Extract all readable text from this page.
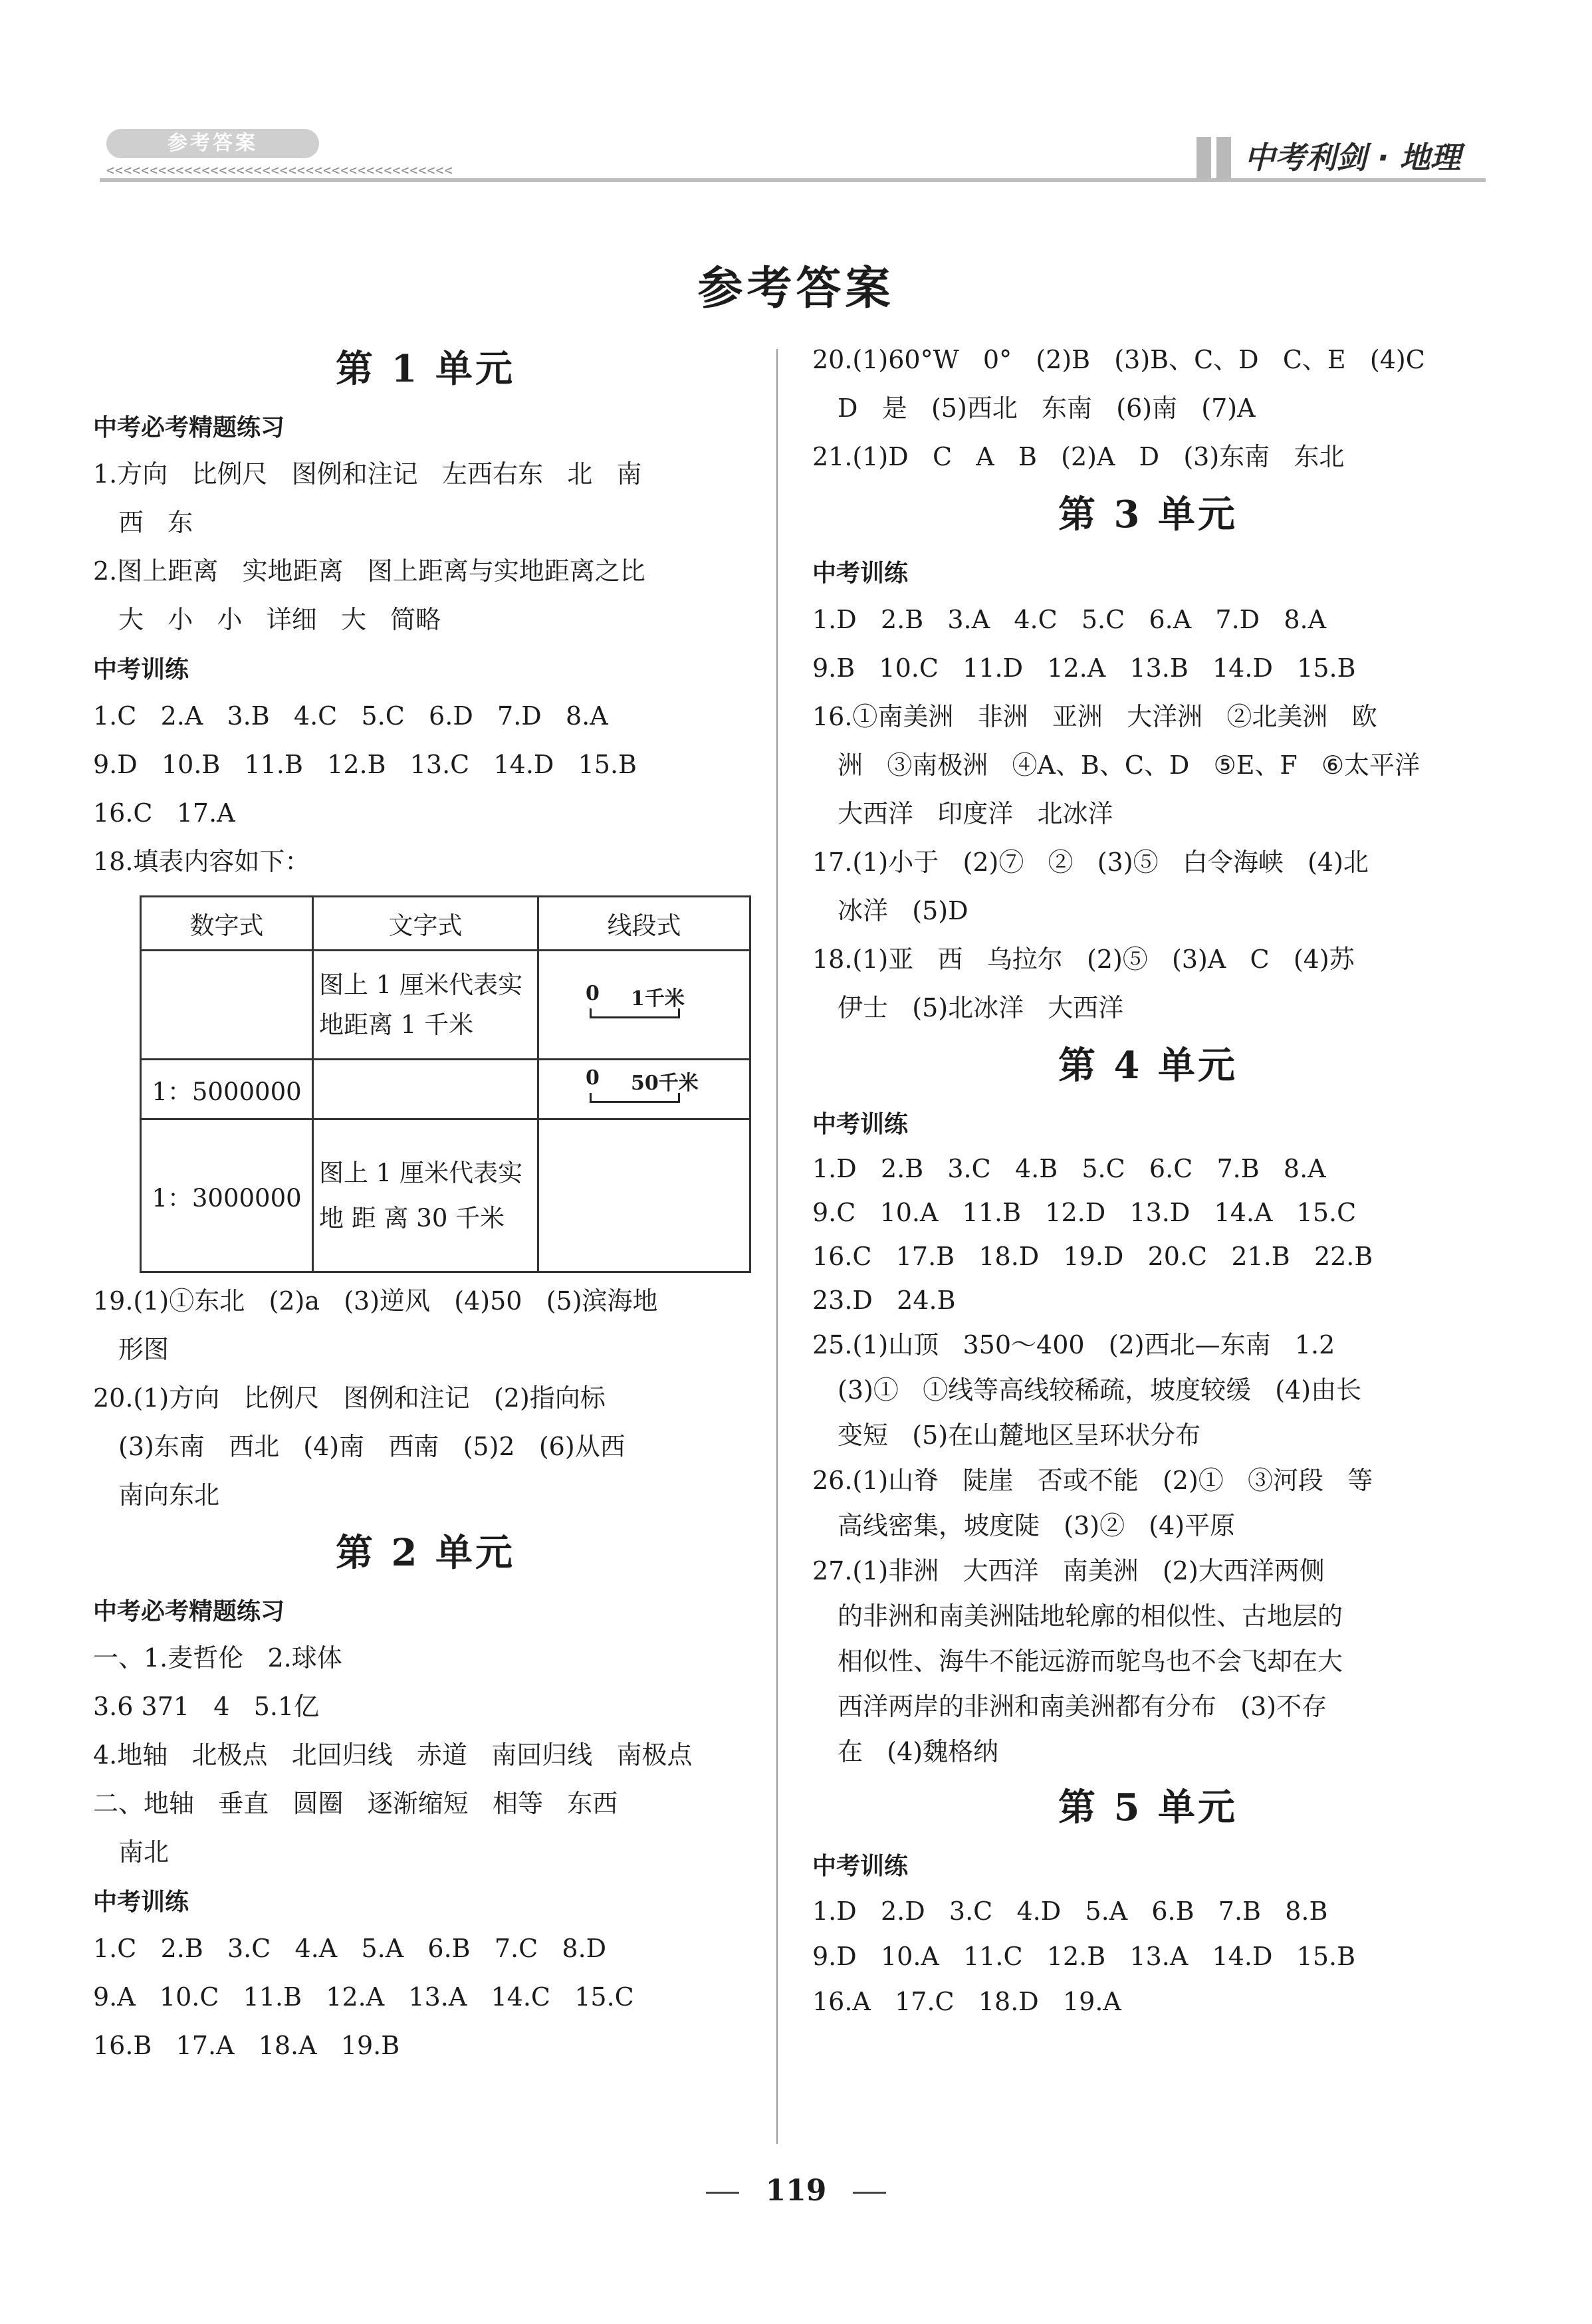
参考答案
<<<<<<<<<<<<<<<<<<<<<<<<<<<<<<<<<<<<<<<<	中考利剑 · 地理
参考答案
第 1 单元
中考必考精题练习
1.方向   比例尺   图例和注记   左西右东   北   南
西   东
2.图上距离   实地距离   图上距离与实地距离之比
大   小   小   详细   大   简略
中考训练
1.C   2.A   3.B   4.C   5.C   6.D   7.D   8.A
9.D   10.B   11.B   12.B   13.C   14.D   15.B
16.C   17.A
18.填表内容如下：
数字式	文字式	线段式
	图上 1 厘米代表实地距离 1 千米	0 1千米

1：5000000		0 50千米

1：3000000	图上 1 厘米代表实 地 距 离 30 千米	
19.(1)①东北   (2)a   (3)逆风   (4)50   (5)滨海地
形图
20.(1)方向   比例尺   图例和注记   (2)指向标
(3)东南   西北   (4)南   西南   (5)2   (6)从西
南向东北
第 2 单元
中考必考精题练习
一、1.麦哲伦   2.球体
3.6 371   4   5.1亿
4.地轴   北极点   北回归线   赤道   南回归线   南极点
二、地轴   垂直   圆圈   逐渐缩短   相等   东西
南北
中考训练
1.C   2.B   3.C   4.A   5.A   6.B   7.C   8.D
9.A   10.C   11.B   12.A   13.A   14.C   15.C
16.B   17.A   18.A   19.B
20.(1)60°W   0°   (2)B   (3)B、C、D   C、E   (4)C
D   是   (5)西北   东南   (6)南   (7)A
21.(1)D   C   A   B   (2)A   D   (3)东南   东北
第 3 单元
中考训练
1.D   2.B   3.A   4.C   5.C   6.A   7.D   8.A
9.B   10.C   11.D   12.A   13.B   14.D   15.B
16.①南美洲   非洲   亚洲   大洋洲   ②北美洲   欧
洲   ③南极洲   ④A、B、C、D   ⑤E、F   ⑥太平洋
大西洋   印度洋   北冰洋
17.(1)小于   (2)⑦   ②   (3)⑤   白令海峡   (4)北
冰洋   (5)D
18.(1)亚   西   乌拉尔   (2)⑤   (3)A   C   (4)苏
伊士   (5)北冰洋   大西洋
第 4 单元
中考训练
1.D   2.B   3.C   4.B   5.C   6.C   7.B   8.A
9.C   10.A   11.B   12.D   13.D   14.A   15.C
16.C   17.B   18.D   19.D   20.C   21.B   22.B
23.D   24.B
25.(1)山顶   350～400   (2)西北—东南   1.2
(3)①   ①线等高线较稀疏，坡度较缓   (4)由长
变短   (5)在山麓地区呈环状分布
26.(1)山脊   陡崖   否或不能   (2)①   ③河段   等
高线密集，坡度陡   (3)②   (4)平原
27.(1)非洲   大西洋   南美洲   (2)大西洋两侧
的非洲和南美洲陆地轮廓的相似性、古地层的
相似性、海牛不能远游而鸵鸟也不会飞却在大
西洋两岸的非洲和南美洲都有分布   (3)不存
在   (4)魏格纳
第 5 单元
中考训练
1.D   2.D   3.C   4.D   5.A   6.B   7.B   8.B
9.D   10.A   11.C   12.B   13.A   14.D   15.B
16.A   17.C   18.D   19.A
119
